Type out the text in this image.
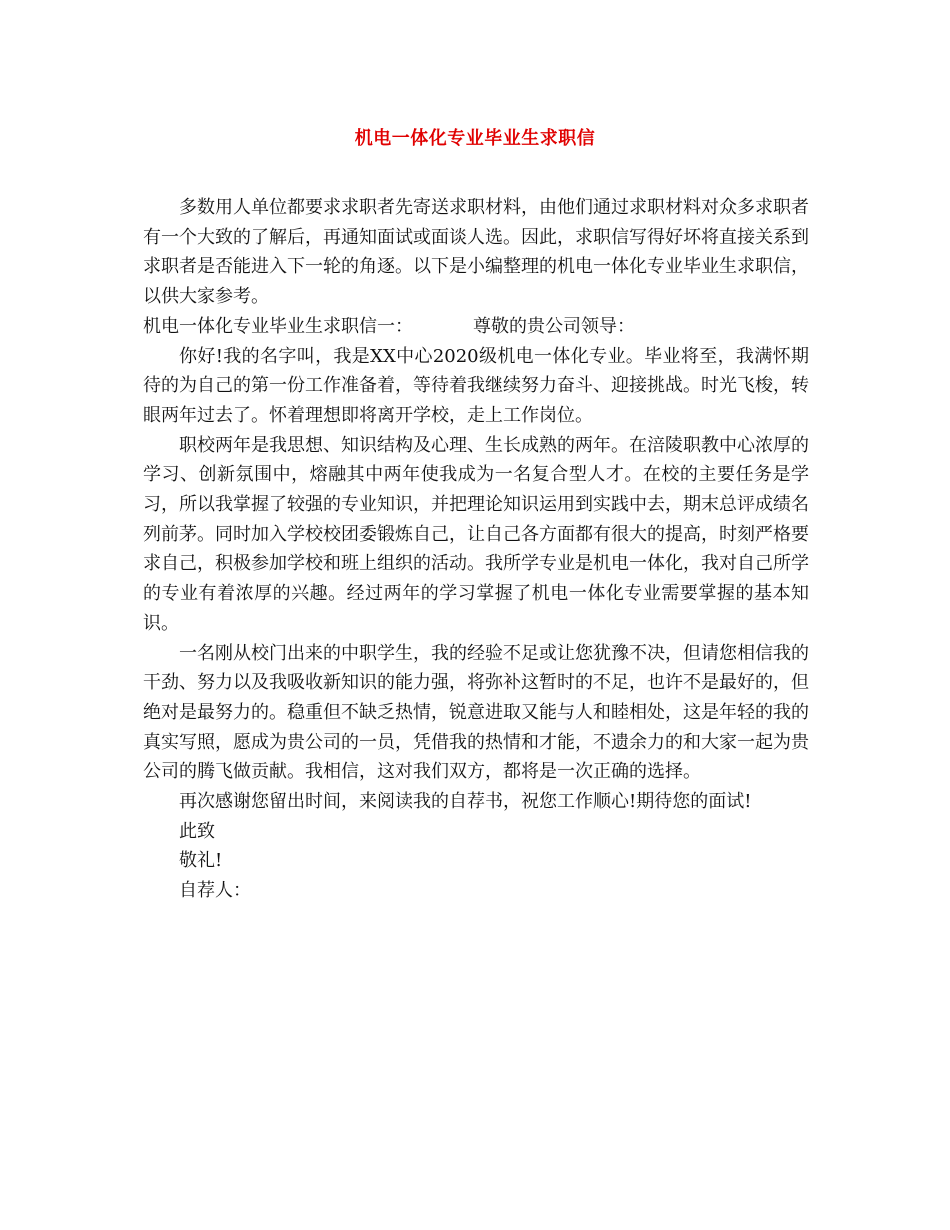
机电一体化专业毕业生求职信

多数用人单位都要求求职者先寄送求职材料，由他们通过求职材料对众多求职者有一个大致的了解后，再通知面试或面谈人选。因此，求职信写得好坏将直接关系到求职者是否能进入下一轮的角逐。以下是小编整理的机电一体化专业毕业生求职信，以供大家参考。

机电一体化专业毕业生求职信一：	尊敬的贵公司领导：

你好!我的名字叫，我是XX中心2020级机电一体化专业。毕业将至，我满怀期待的为自己的第一份工作准备着，等待着我继续努力奋斗、迎接挑战。时光飞梭，转眼两年过去了。怀着理想即将离开学校，走上工作岗位。

职校两年是我思想、知识结构及心理、生长成熟的两年。在涪陵职教中心浓厚的学习、创新氛围中，熔融其中两年使我成为一名复合型人才。在校的主要任务是学习，所以我掌握了较强的专业知识，并把理论知识运用到实践中去，期末总评成绩名列前茅。同时加入学校校团委锻炼自己，让自己各方面都有很大的提高，时刻严格要求自己，积极参加学校和班上组织的活动。我所学专业是机电一体化，我对自己所学的专业有着浓厚的兴趣。经过两年的学习掌握了机电一体化专业需要掌握的基本知识。

一名刚从校门出来的中职学生，我的经验不足或让您犹豫不决，但请您相信我的干劲、努力以及我吸收新知识的能力强，将弥补这暂时的不足，也许不是最好的，但绝对是最努力的。稳重但不缺乏热情，锐意进取又能与人和睦相处，这是年轻的我的真实写照，愿成为贵公司的一员，凭借我的热情和才能，不遗余力的和大家一起为贵公司的腾飞做贡献。我相信，这对我们双方，都将是一次正确的选择。

再次感谢您留出时间，来阅读我的自荐书，祝您工作顺心!期待您的面试!

此致

敬礼!

自荐人：
